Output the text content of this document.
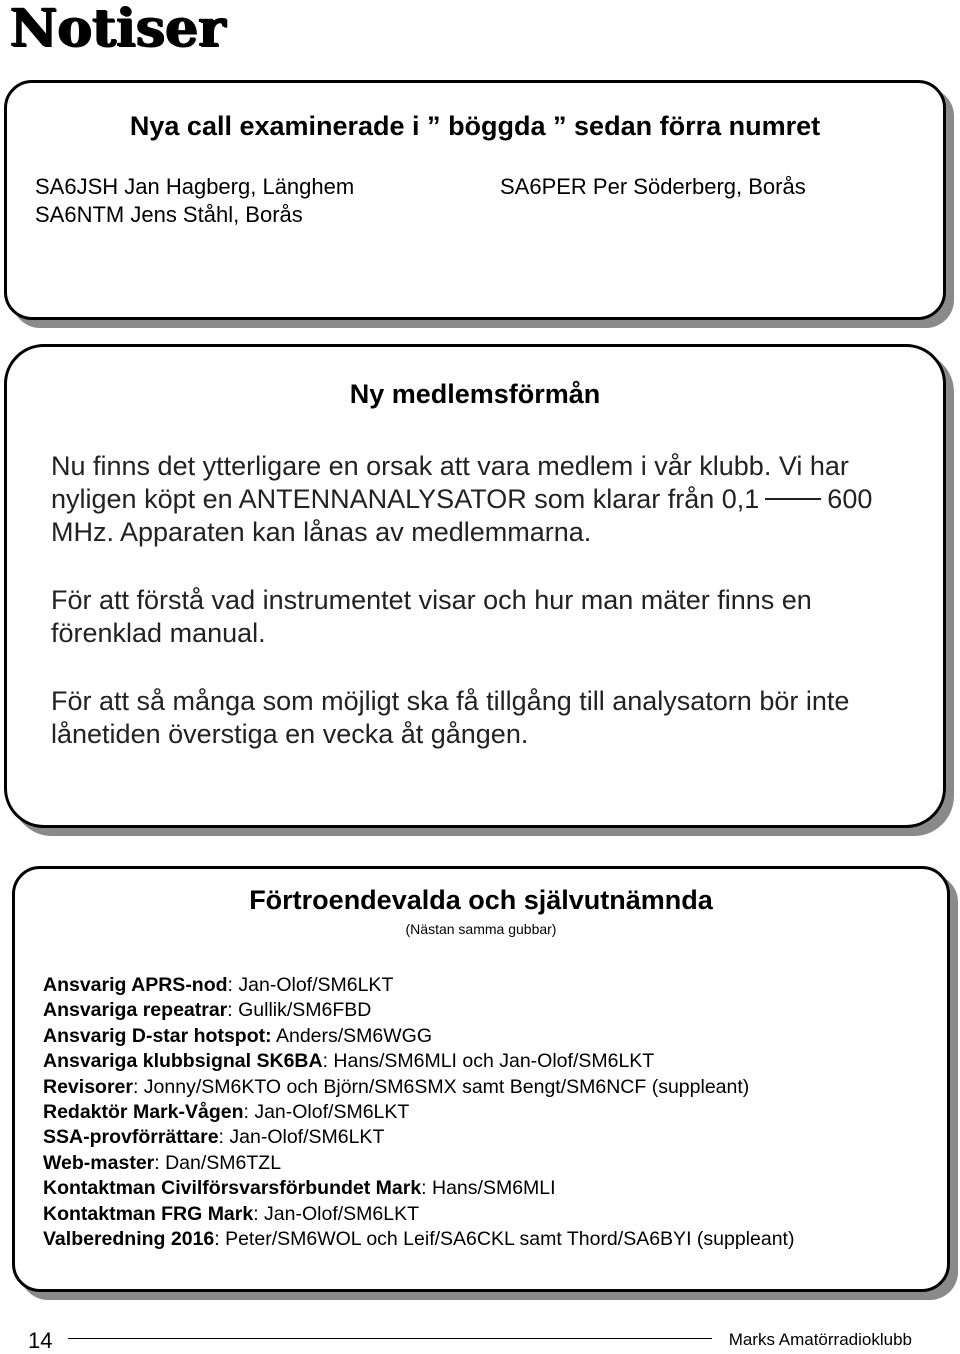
Notiser
Nya call examinerade i ” böggda ” sedan förra numret
SA6JSH Jan Hagberg, Länghem
SA6NTM Jens Ståhl, Borås
SA6PER Per Söderberg, Borås
Ny medlemsförmån
Nu finns det ytterligare en orsak att vara medlem i vår klubb. Vi har nyligen köpt en ANTENNANALYSATOR som klarar från 0,1	600 MHz. Apparaten kan lånas av medlemmarna.
För att förstå vad instrumentet visar och hur man mäter finns en förenklad manual.
För att så många som möjligt ska få tillgång till analysatorn bör inte lånetiden överstiga en vecka åt gången.
Förtroendevalda och självutnämnda
(Nästan samma gubbar)
Ansvarig APRS-nod: Jan-Olof/SM6LKT
Ansvariga repeatrar: Gullik/SM6FBD
Ansvarig D-star hotspot: Anders/SM6WGG
Ansvariga klubbsignal SK6BA: Hans/SM6MLI och Jan-Olof/SM6LKT
Revisorer: Jonny/SM6KTO och Björn/SM6SMX samt Bengt/SM6NCF (suppleant)
Redaktör Mark-Vågen: Jan-Olof/SM6LKT
SSA-provförrättare: Jan-Olof/SM6LKT
Web-master: Dan/SM6TZL
Kontaktman Civilförsvarsförbundet Mark: Hans/SM6MLI
Kontaktman FRG Mark: Jan-Olof/SM6LKT
Valberedning 2016: Peter/SM6WOL och Leif/SA6CKL samt Thord/SA6BYI (suppleant)
14	Marks Amatörradioklubb
